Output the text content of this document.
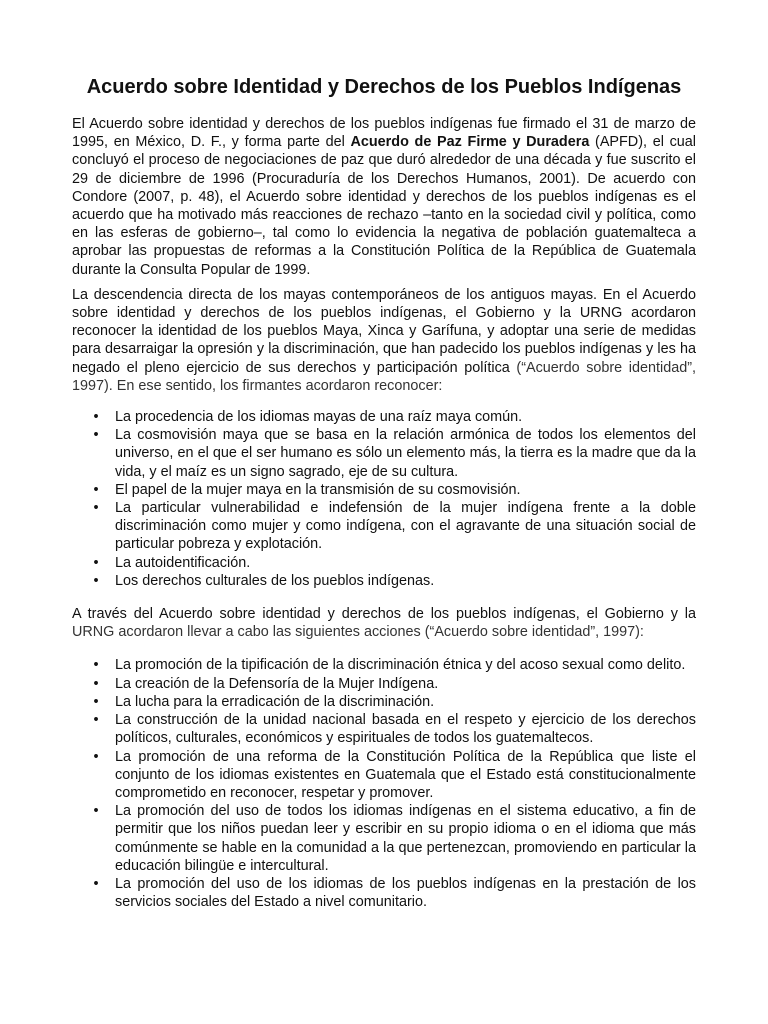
Acuerdo sobre Identidad y Derechos de los Pueblos Indígenas

El Acuerdo sobre identidad y derechos de los pueblos indígenas fue firmado el 31 de marzo de 1995, en México, D. F., y forma parte del Acuerdo de Paz Firme y Duradera (APFD), el cual concluyó el proceso de negociaciones de paz que duró alrededor de una década y fue suscrito el 29 de diciembre de 1996 (Procuraduría de los Derechos Humanos, 2001). De acuerdo con Condore (2007, p. 48), el Acuerdo sobre identidad y derechos de los pueblos indígenas es el acuerdo que ha motivado más reacciones de rechazo –tanto en la sociedad civil y política, como en las esferas de gobierno–, tal como lo evidencia la negativa de población guatemalteca a aprobar las propuestas de reformas a la Constitución Política de la República de Guatemala durante la Consulta Popular de 1999.

La descendencia directa de los mayas contemporáneos de los antiguos mayas. En el Acuerdo sobre identidad y derechos de los pueblos indígenas, el Gobierno y la URNG acordaron reconocer la identidad de los pueblos Maya, Xinca y Garífuna, y adoptar una serie de medidas para desarraigar la opresión y la discriminación, que han padecido los pueblos indígenas y les ha negado el pleno ejercicio de sus derechos y participación política (“Acuerdo sobre identidad”, 1997). En ese sentido, los firmantes acordaron reconocer:

• La procedencia de los idiomas mayas de una raíz maya común.
• La cosmovisión maya que se basa en la relación armónica de todos los elementos del universo, en el que el ser humano es sólo un elemento más, la tierra es la madre que da la vida, y el maíz es un signo sagrado, eje de su cultura.
• El papel de la mujer maya en la transmisión de su cosmovisión.
• La particular vulnerabilidad e indefensión de la mujer indígena frente a la doble discriminación como mujer y como indígena, con el agravante de una situación social de particular pobreza y explotación.
• La autoidentificación.
• Los derechos culturales de los pueblos indígenas.

A través del Acuerdo sobre identidad y derechos de los pueblos indígenas, el Gobierno y la URNG acordaron llevar a cabo las siguientes acciones (“Acuerdo sobre identidad”, 1997):

• La promoción de la tipificación de la discriminación étnica y del acoso sexual como delito.
• La creación de la Defensoría de la Mujer Indígena.
• La lucha para la erradicación de la discriminación.
• La construcción de la unidad nacional basada en el respeto y ejercicio de los derechos políticos, culturales, económicos y espirituales de todos los guatemaltecos.
• La promoción de una reforma de la Constitución Política de la República que liste el conjunto de los idiomas existentes en Guatemala que el Estado está constitucionalmente comprometido en reconocer, respetar y promover.
• La promoción del uso de todos los idiomas indígenas en el sistema educativo, a fin de permitir que los niños puedan leer y escribir en su propio idioma o en el idioma que más comúnmente se hable en la comunidad a la que pertenezcan, promoviendo en particular la educación bilingüe e intercultural.
• La promoción del uso de los idiomas de los pueblos indígenas en la prestación de los servicios sociales del Estado a nivel comunitario.
